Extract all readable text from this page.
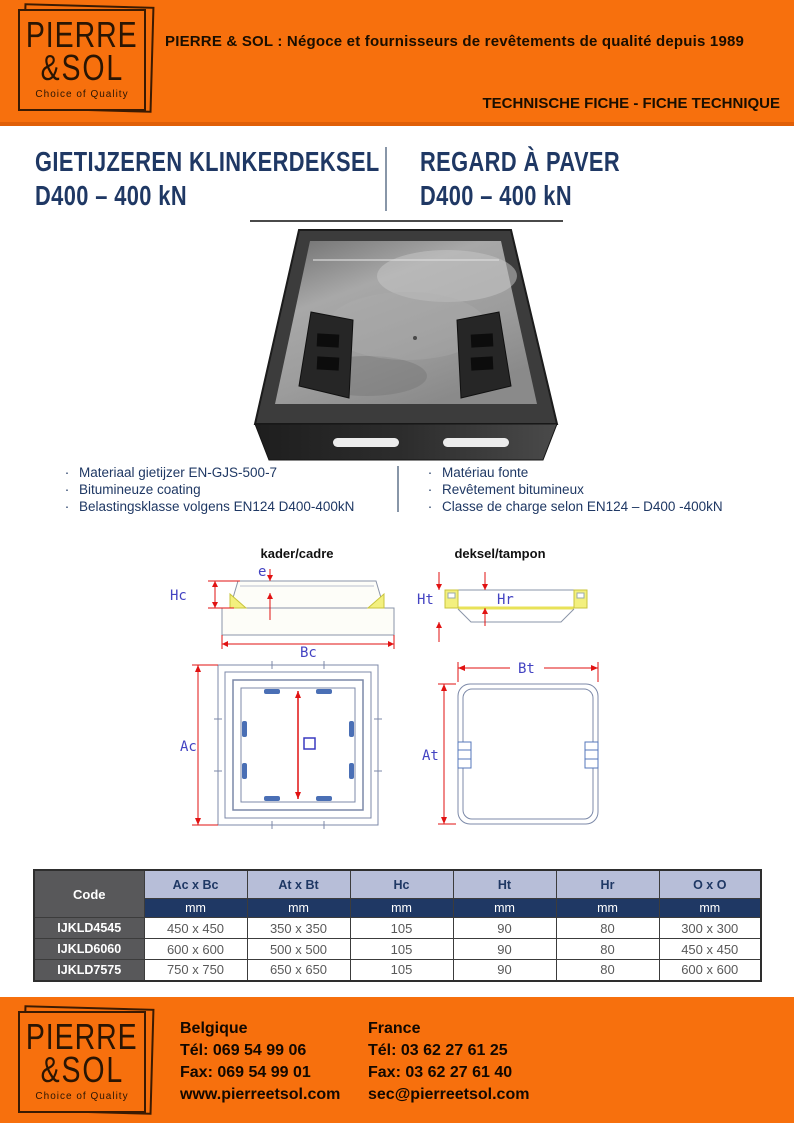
PIERRE
&SOL
Choice of Quality
PIERRE & SOL : Négoce et fournisseurs de revêtements de qualité depuis 1989
TECHNISCHE FICHE - FICHE TECHNIQUE
GIETIJZEREN KLINKERDEKSEL
D400 – 400 kN
REGARD À PAVER
D400 – 400 kN
· Materiaal gietijzer EN-GJS-500-7
· Bitumineuze coating
· Belastingsklasse volgens EN124 D400-400kN
· Matériau fonte
· Revêtement bitumineux
· Classe de charge selon EN124 – D400 -400kN
kader/cadre	deksel/tampon
e
Hc
Bc
Ht	Hr
Ac
Bt
At
Code	Ac x Bc	At x Bt	Hc	Ht	Hr	O x O
	mm	mm	mm	mm	mm	mm
IJKLD4545	450 x 450	350 x 350	105	90	80	300 x 300
IJKLD6060	600 x 600	500 x 500	105	90	80	450 x 450
IJKLD7575	750 x 750	650 x 650	105	90	80	600 x 600
PIERRE
&SOL
Choice of Quality
Belgique
Tél: 069 54 99 06
Fax: 069 54 99 01
www.pierreetsol.com
France
Tél: 03 62 27 61 25
Fax: 03 62 27 61 40
sec@pierreetsol.com
